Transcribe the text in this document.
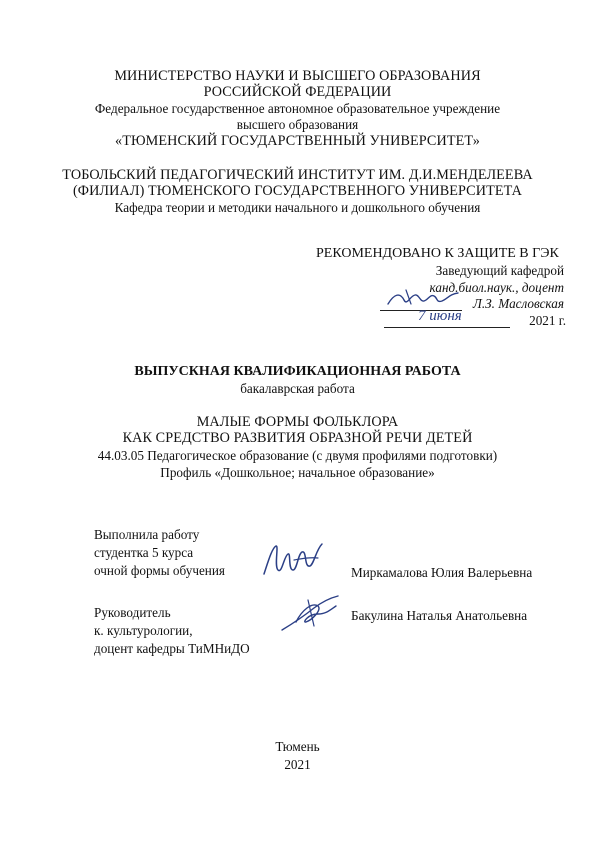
МИНИСТЕРСТВО НАУКИ И ВЫСШЕГО ОБРАЗОВАНИЯ
РОССИЙСКОЙ ФЕДЕРАЦИИ
Федеральное государственное автономное образовательное учреждение
высшего образования
«ТЮМЕНСКИЙ ГОСУДАРСТВЕННЫЙ УНИВЕРСИТЕТ»
ТОБОЛЬСКИЙ ПЕДАГОГИЧЕСКИЙ ИНСТИТУТ ИМ. Д.И.МЕНДЕЛЕЕВА
(ФИЛИАЛ) ТЮМЕНСКОГО ГОСУДАРСТВЕННОГО УНИВЕРСИТЕТА
Кафедра теории и методики начального и дошкольного обучения
РЕКОМЕНДОВАНО К ЗАЩИТЕ В ГЭК
Заведующий кафедрой
канд.биол.наук., доцент
Л.З. Масловская
7 июня	2021 г.
ВЫПУСКНАЯ КВАЛИФИКАЦИОННАЯ РАБОТА
бакалаврская работа
МАЛЫЕ ФОРМЫ ФОЛЬКЛОРА
КАК СРЕДСТВО РАЗВИТИЯ ОБРАЗНОЙ РЕЧИ ДЕТЕЙ
44.03.05 Педагогическое образование (с двумя профилями подготовки)
Профиль «Дошкольное; начальное образование»
Выполнила работу
студентка 5 курса
очной формы обучения	Миркамалова Юлия Валерьевна
Руководитель
к. культурологии,
доцент кафедры ТиМНиДО
Бакулина Наталья Анатольевна
Тюмень
2021
